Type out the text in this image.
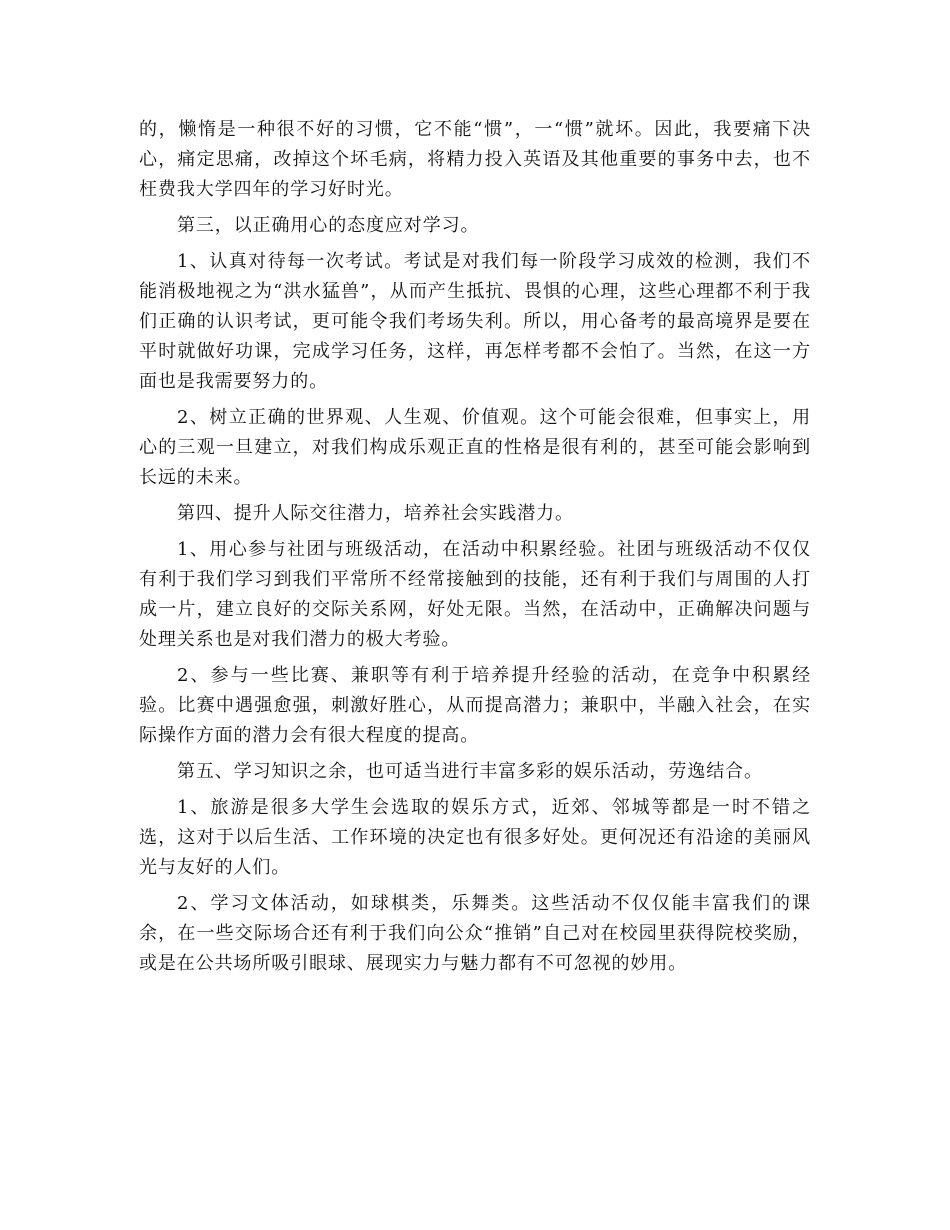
的，懒惰是一种很不好的习惯，它不能“惯”，一“惯”就坏。因此，我要痛下决心，痛定思痛，改掉这个坏毛病，将精力投入英语及其他重要的事务中去，也不枉费我大学四年的学习好时光。

第三，以正确用心的态度应对学习。

1、认真对待每一次考试。考试是对我们每一阶段学习成效的检测，我们不能消极地视之为“洪水猛兽”，从而产生抵抗、畏惧的心理，这些心理都不利于我们正确的认识考试，更可能令我们考场失利。所以，用心备考的最高境界是要在平时就做好功课，完成学习任务，这样，再怎样考都不会怕了。当然，在这一方面也是我需要努力的。

2、树立正确的世界观、人生观、价值观。这个可能会很难，但事实上，用心的三观一旦建立，对我们构成乐观正直的性格是很有利的，甚至可能会影响到长远的未来。

第四、提升人际交往潜力，培养社会实践潜力。

1、用心参与社团与班级活动，在活动中积累经验。社团与班级活动不仅仅有利于我们学习到我们平常所不经常接触到的技能，还有利于我们与周围的人打成一片，建立良好的交际关系网，好处无限。当然，在活动中，正确解决问题与处理关系也是对我们潜力的极大考验。

2、参与一些比赛、兼职等有利于培养提升经验的活动，在竞争中积累经验。比赛中遇强愈强，刺激好胜心，从而提高潜力；兼职中，半融入社会，在实际操作方面的潜力会有很大程度的提高。

第五、学习知识之余，也可适当进行丰富多彩的娱乐活动，劳逸结合。

1、旅游是很多大学生会选取的娱乐方式，近郊、邻城等都是一时不错之选，这对于以后生活、工作环境的决定也有很多好处。更何况还有沿途的美丽风光与友好的人们。

2、学习文体活动，如球棋类，乐舞类。这些活动不仅仅能丰富我们的课余，在一些交际场合还有利于我们向公众“推销”自己对在校园里获得院校奖励，或是在公共场所吸引眼球、展现实力与魅力都有不可忽视的妙用。
